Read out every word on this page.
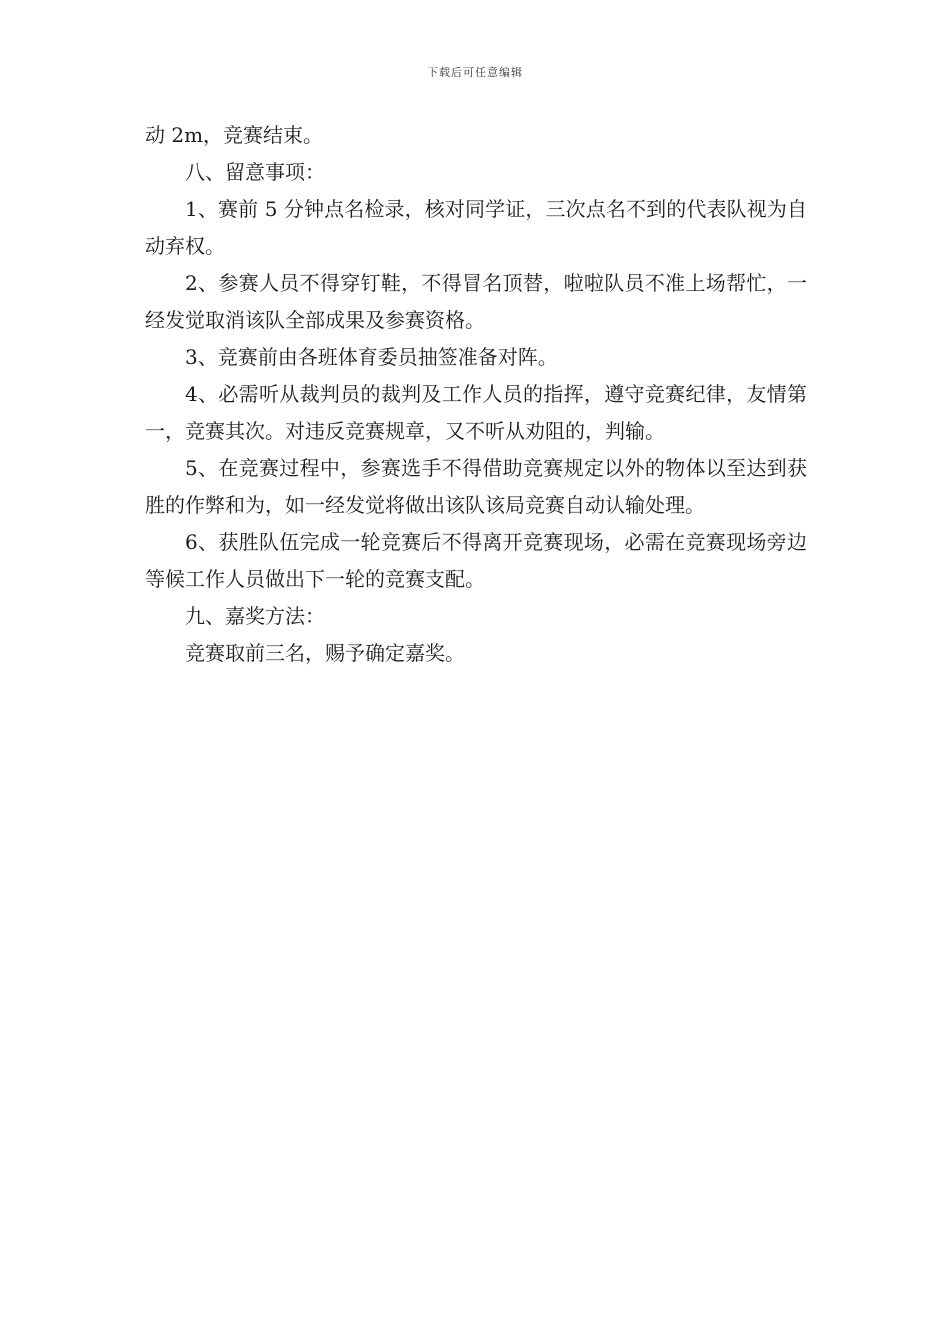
下载后可任意编辑

动 2m，竞赛结束。

八、留意事项：

1、赛前 5 分钟点名检录，核对同学证，三次点名不到的代表队视为自动弃权。

2、参赛人员不得穿钉鞋，不得冒名顶替，啦啦队员不准上场帮忙，一经发觉取消该队全部成果及参赛资格。

3、竞赛前由各班体育委员抽签准备对阵。

4、必需听从裁判员的裁判及工作人员的指挥，遵守竞赛纪律，友情第一，竞赛其次。对违反竞赛规章，又不听从劝阻的，判输。

5、在竞赛过程中，参赛选手不得借助竞赛规定以外的物体以至达到获胜的作弊和为，如一经发觉将做出该队该局竞赛自动认输处理。

6、获胜队伍完成一轮竞赛后不得离开竞赛现场，必需在竞赛现场旁边等候工作人员做出下一轮的竞赛支配。

九、嘉奖方法：

竞赛取前三名，赐予确定嘉奖。
